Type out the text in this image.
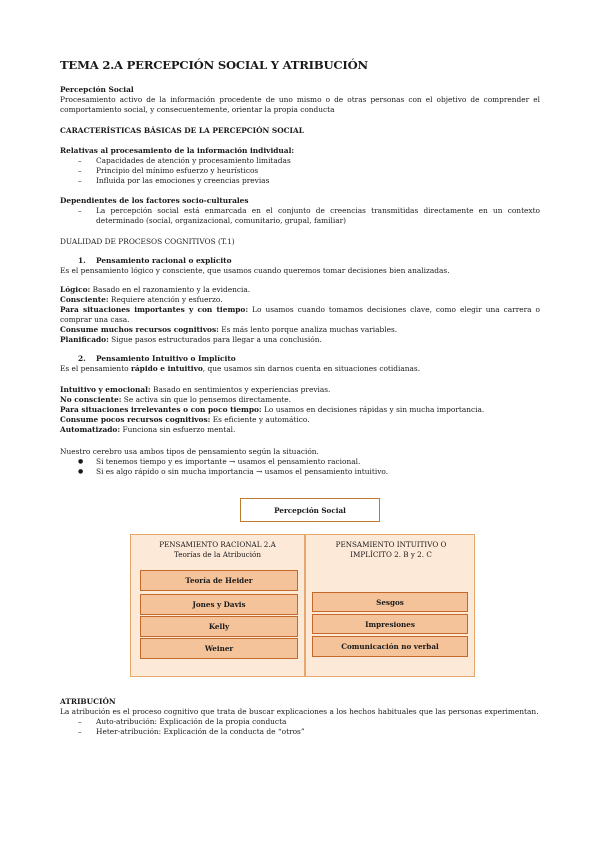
TEMA 2.A PERCEPCIÓN SOCIAL Y ATRIBUCIÓN
Percepción Social
Procesamiento activo de la información procedente de uno mismo o de otras personas con el objetivo de comprender el comportamiento social, y consecuentemente, orientar la propia conducta
CARACTERÍSTICAS BÁSICAS DE LA PERCEPCIÓN SOCIAL
Relativas al procesamiento de la información individual:
– Capacidades de atención y procesamiento limitadas
– Principio del mínimo esfuerzo y heurísticos
– Influida por las emociones y creencias previas
Dependientes de los factores socio-culturales
– La percepción social está enmarcada en el conjunto de creencias transmitidas directamente en un contexto determinado (social, organizacional, comunitario, grupal, familiar)
DUALIDAD DE PROCESOS COGNITIVOS (T.1)
1. Pensamiento racional o explícito
Es el pensamiento lógico y consciente, que usamos cuando queremos tomar decisiones bien analizadas.
Lógico: Basado en el razonamiento y la evidencia.
Consciente: Requiere atención y esfuerzo.
Para situaciones importantes y con tiempo: Lo usamos cuando tomamos decisiones clave, como elegir una carrera o comprar una casa.
Consume muchos recursos cognitivos: Es más lento porque analiza muchas variables.
Planificado: Sigue pasos estructurados para llegar a una conclusión.
2. Pensamiento Intuitivo o Implícito
Es el pensamiento rápido e intuitivo, que usamos sin darnos cuenta en situaciones cotidianas.
Intuitivo y emocional: Basado en sentimientos y experiencias previas.
No consciente: Se activa sin que lo pensemos directamente.
Para situaciones irrelevantes o con poco tiempo: Lo usamos en decisiones rápidas y sin mucha importancia.
Consume pocos recursos cognitivos: Es eficiente y automático.
Automatizado: Funciona sin esfuerzo mental.
Nuestro cerebro usa ambos tipos de pensamiento según la situación.
● Si tenemos tiempo y es importante → usamos el pensamiento racional.
● Si es algo rápido o sin mucha importancia → usamos el pensamiento intuitivo.
Percepción Social
PENSAMIENTO RACIONAL 2.A
Teorías de la Atribución
Teoría de Heider
Jones y Davis
Kelly
Weiner
PENSAMIENTO INTUITIVO O IMPLÍCITO 2. B y 2. C
Sesgos
Impresiones
Comunicación no verbal
ATRIBUCIÓN
La atribución es el proceso cognitivo que trata de buscar explicaciones a los hechos habituales que las personas experimentan.
– Auto-atribución: Explicación de la propia conducta
– Heter-atribución: Explicación de la conducta de “otros”
